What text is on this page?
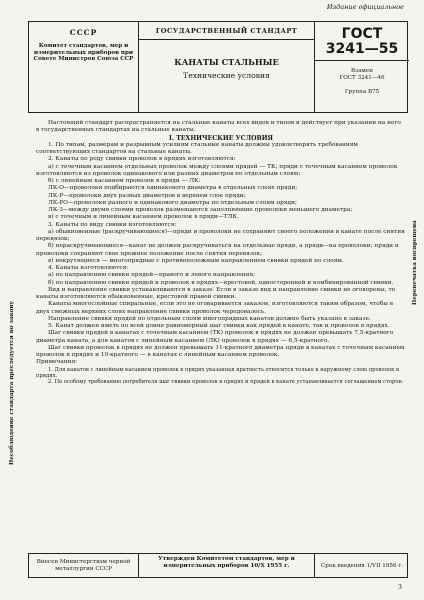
Издание официальное
СССР
Комитет стандартов, мер и измерительных приборов при Совете Министров Союза ССР
ГОСУДАРСТВЕННЫЙ СТАНДАРТ
КАНАТЫ СТАЛЬНЫЕ
Технические условия
ГОСТ
3241—55
Взамен
ГОСТ 3241—46
Группа В75

Настоящий стандарт распространяется на стальные канаты всех видов и типов и действует при указании на него в государственных стандартах на стальные канаты.

I. ТЕХНИЧЕСКИЕ УСЛОВИЯ

1. По типам, размерам и разрывным усилиям стальные канаты должны удовлетворять требованиям соответствующих стандартов на стальные канаты.

2. Канаты по роду свивки проволок в прядях изготовляются:

а) с точечным касанием отдельных проволок между слоями прядей — ТК; пряди с точечным касанием проволок изготовляются из проволок одинакового или разных диаметров по отдельным слоям;

б) с линейным касанием проволок в пряди — ЛК:

ЛК-О—проволоки подбираются одинакового диаметра в отдельных слоях пряди;

ЛК-Р—проволоки двух разных диаметров в верхнем слое пряди;

ЛК-РО—проволоки разного и одинакового диаметра по отдельным слоям пряди;

ЛК-З—между двумя слоями проволок размещаются заполняющие проволоки меньшего диаметра;

в) с точечным и линейным касанием проволок в пряди—ТЛК.

3. Канаты по виду свивки изготовляются:

а) обыкновенные (раскручивающиеся)—пряди и проволоки не сохраняют своего положения в канате после снятия перевязок;

б) нераскручивающиеся—канат не должен раскручиваться на отдельные пряди, а пряди—на проволоки; пряди и проволоки сохраняют свое прежнее положение после снятия перевязок;

в) некрутящиеся — многопрядные с противоположным направлением свивки прядей по слоям.

4. Канаты изготовляются:

а) по направлению свивки прядей—правого и левого направления;

б) по направлению свивки прядей и проволок в прядях—крестовой, односторонней и комбинированной свивки.

Вид и направление свивки устанавливаются в заказе. Если в заказе вид и направление свивки не оговорены, то канаты изготовляются обыкновенные, крестовой правой свивки.

Канаты многослойные спиральные, если это не оговаривается заказом, изготовляются таким образом, чтобы в двух смежных верхних слоях направление свивки проволок чередовалось.

Направление свивки прядей по отдельным слоям многопрядных канатов должно быть указано в заказе.

5. Канат должен иметь по всей длине равномерный шаг свивки как прядей в канате, так и проволок в прядях.

Шаг свивки прядей в канатах с точечным касанием (ТК) проволок в прядях не должен превышать 7,5-кратного диаметра каната, а для канатов с линейным касанием (ЛК) проволок в прядях — 6,5-кратного.

Шаг свивки проволок в прядях не должен превышать 11-кратного диаметра пряди в канатах с точечным касанием проволок в прядях и 10-кратного — в канатах с линейным касанием проволок.

Примечания:

1. Для канатов с линейным касанием проволок в прядях указанная кратность относится только к наружному слою проволок в прядях.

2. По особому требованию потребителя шаг свивки проволок в прядях и прядей в канате устанавливается соглашением сторон.

Внесен Министерством черной металлургии СССР
Утвержден Комитетом стандартов, мер и измерительных приборов 10/X 1955 г.	Срок введения 1/VII 1956 г.
Несоблюдение стандарта преследуется по закону
Перепечатка воспрещена
3
